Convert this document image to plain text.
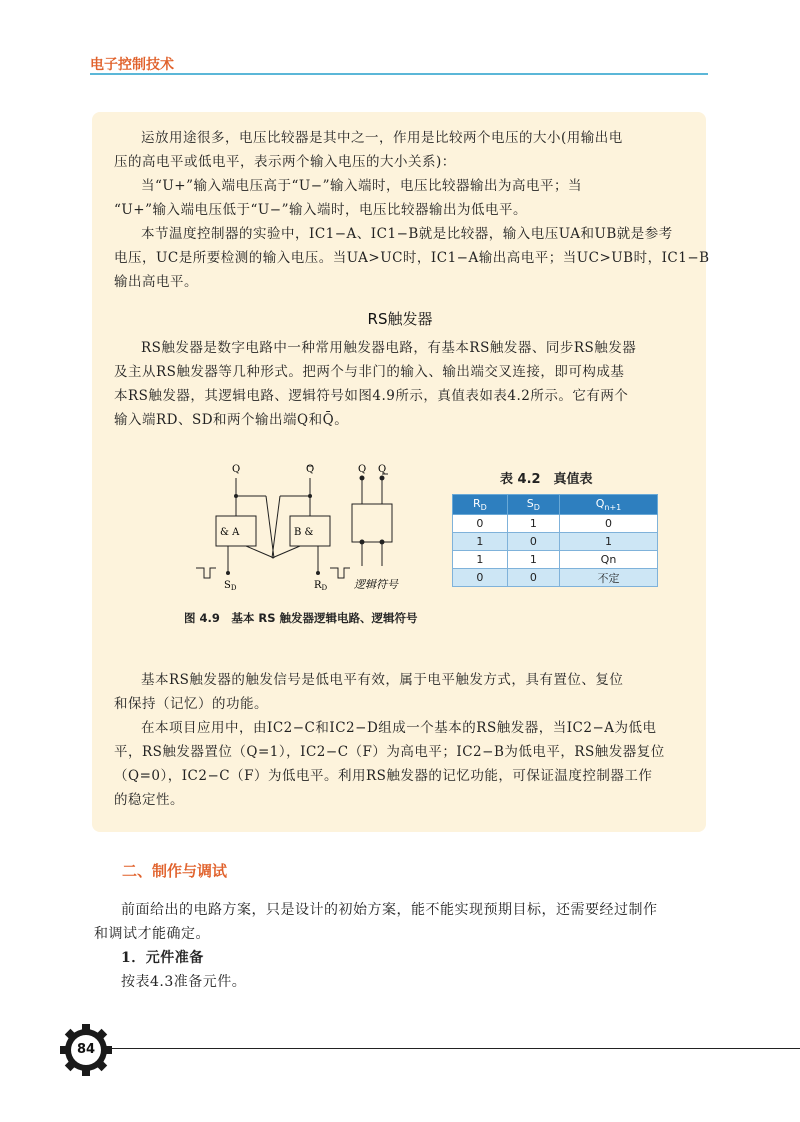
电子控制技术
运放用途很多，电压比较器是其中之一，作用是比较两个电压的大小(用输出电
压的高电平或低电平，表示两个输入电压的大小关系)：
当“U+”输入端电压高于“U−”输入端时，电压比较器输出为高电平；当
“U+”输入端电压低于“U−”输入端时，电压比较器输出为低电平。
本节温度控制器的实验中，IC1−A、IC1−B就是比较器，输入电压UA和UB就是参考
电压，UC是所要检测的输入电压。当UA>UC时，IC1−A输出高电平；当UC>UB时，IC1−B
输出高电平。
RS触发器
RS触发器是数字电路中一种常用触发器电路，有基本RS触发器、同步RS触发器
及主从RS触发器等几种形式。把两个与非门的输入、输出端交叉连接，即可构成基
本RS触发器，其逻辑电路、逻辑符号如图4.9所示，真值表如表4.2所示。它有两个
输入端RD、SD和两个输出端Q和Q̄。
& A	B &
Q	Q	Q Q
$S_D$	$R_D$ 逻辑符号
图 4.9　基本 RS 触发器逻辑电路、逻辑符号
表 4.2　真值表
$R_D$	$S_D$	$Q_{n+1}$
0	1	0
1	0	1
1	1	Qn
0	0	不定
基本RS触发器的触发信号是低电平有效，属于电平触发方式，具有置位、复位
和保持（记忆）的功能。
在本项目应用中，由IC2−C和IC2−D组成一个基本的RS触发器，当IC2−A为低电
平，RS触发器置位（Q=1），IC2−C（F）为高电平；IC2−B为低电平，RS触发器复位
（Q=0），IC2−C（F）为低电平。利用RS触发器的记忆功能，可保证温度控制器工作
的稳定性。
二、制作与调试
前面给出的电路方案，只是设计的初始方案，能不能实现预期目标，还需要经过制作
和调试才能确定。
1．元件准备
按表4.3准备元件。
84
